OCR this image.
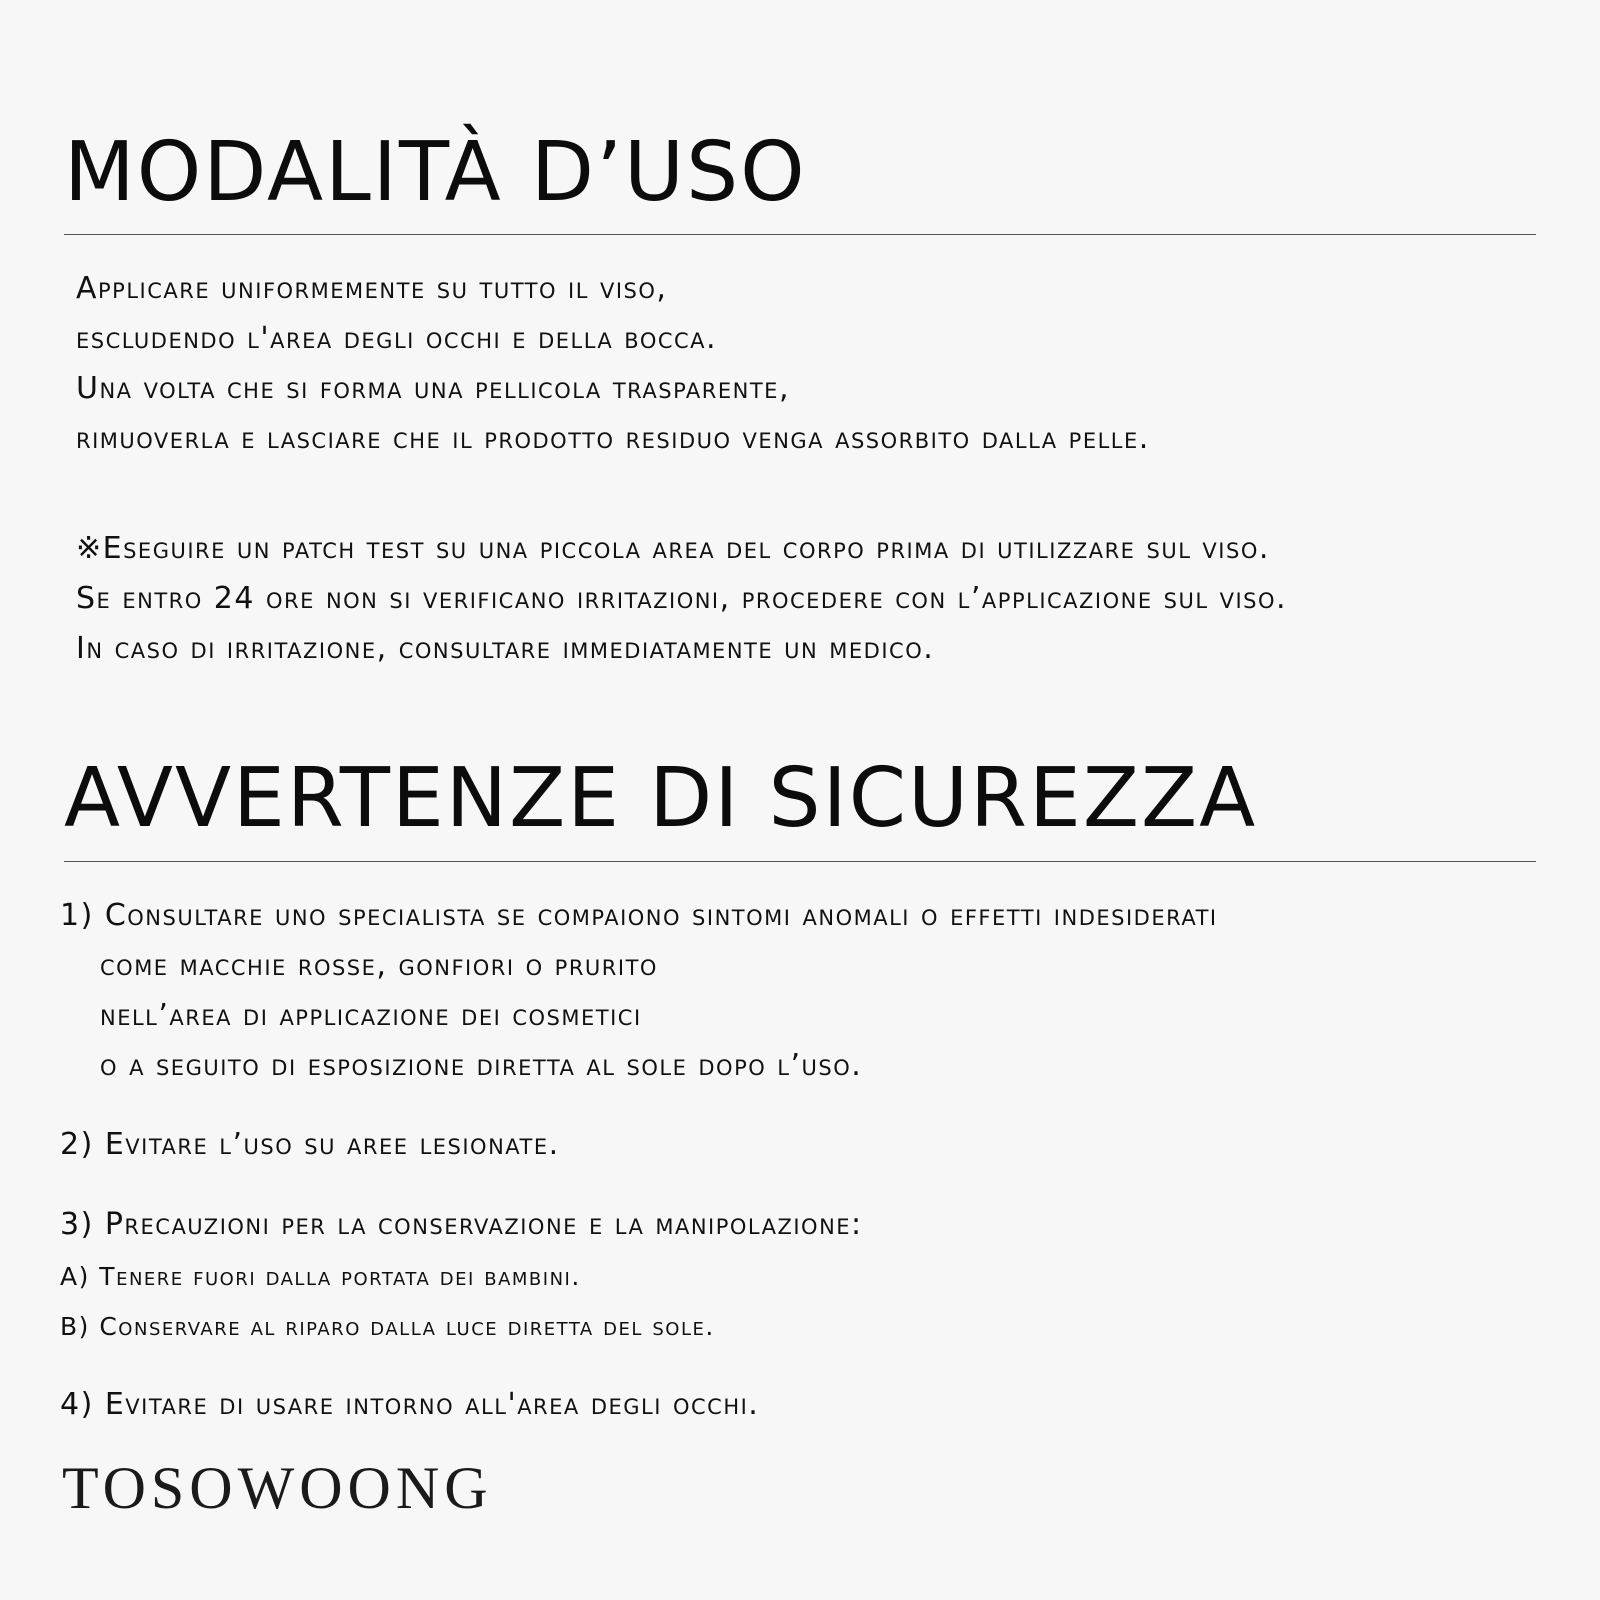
MODALITÀ D’USO
Applicare uniformemente su tutto il viso,
escludendo l'area degli occhi e della bocca.
Una volta che si forma una pellicola trasparente,
rimuoverla e lasciare che il prodotto residuo venga assorbito dalla pelle.
※Eseguire un patch test su una piccola area del corpo prima di utilizzare sul viso.
Se entro 24 ore non si verificano irritazioni, procedere con l’applicazione sul viso.
In caso di irritazione, consultare immediatamente un medico.
AVVERTENZE DI SICUREZZA
1) Consultare uno specialista se compaiono sintomi anomali o effetti indesiderati
come macchie rosse, gonfiori o prurito
nell’area di applicazione dei cosmetici
o a seguito di esposizione diretta al sole dopo l’uso.
2) Evitare l’uso su aree lesionate.
3) Precauzioni per la conservazione e la manipolazione:
A) Tenere fuori dalla portata dei bambini.
B) Conservare al riparo dalla luce diretta del sole.
4) Evitare di usare intorno all'area degli occhi.
TOSOWOONG
